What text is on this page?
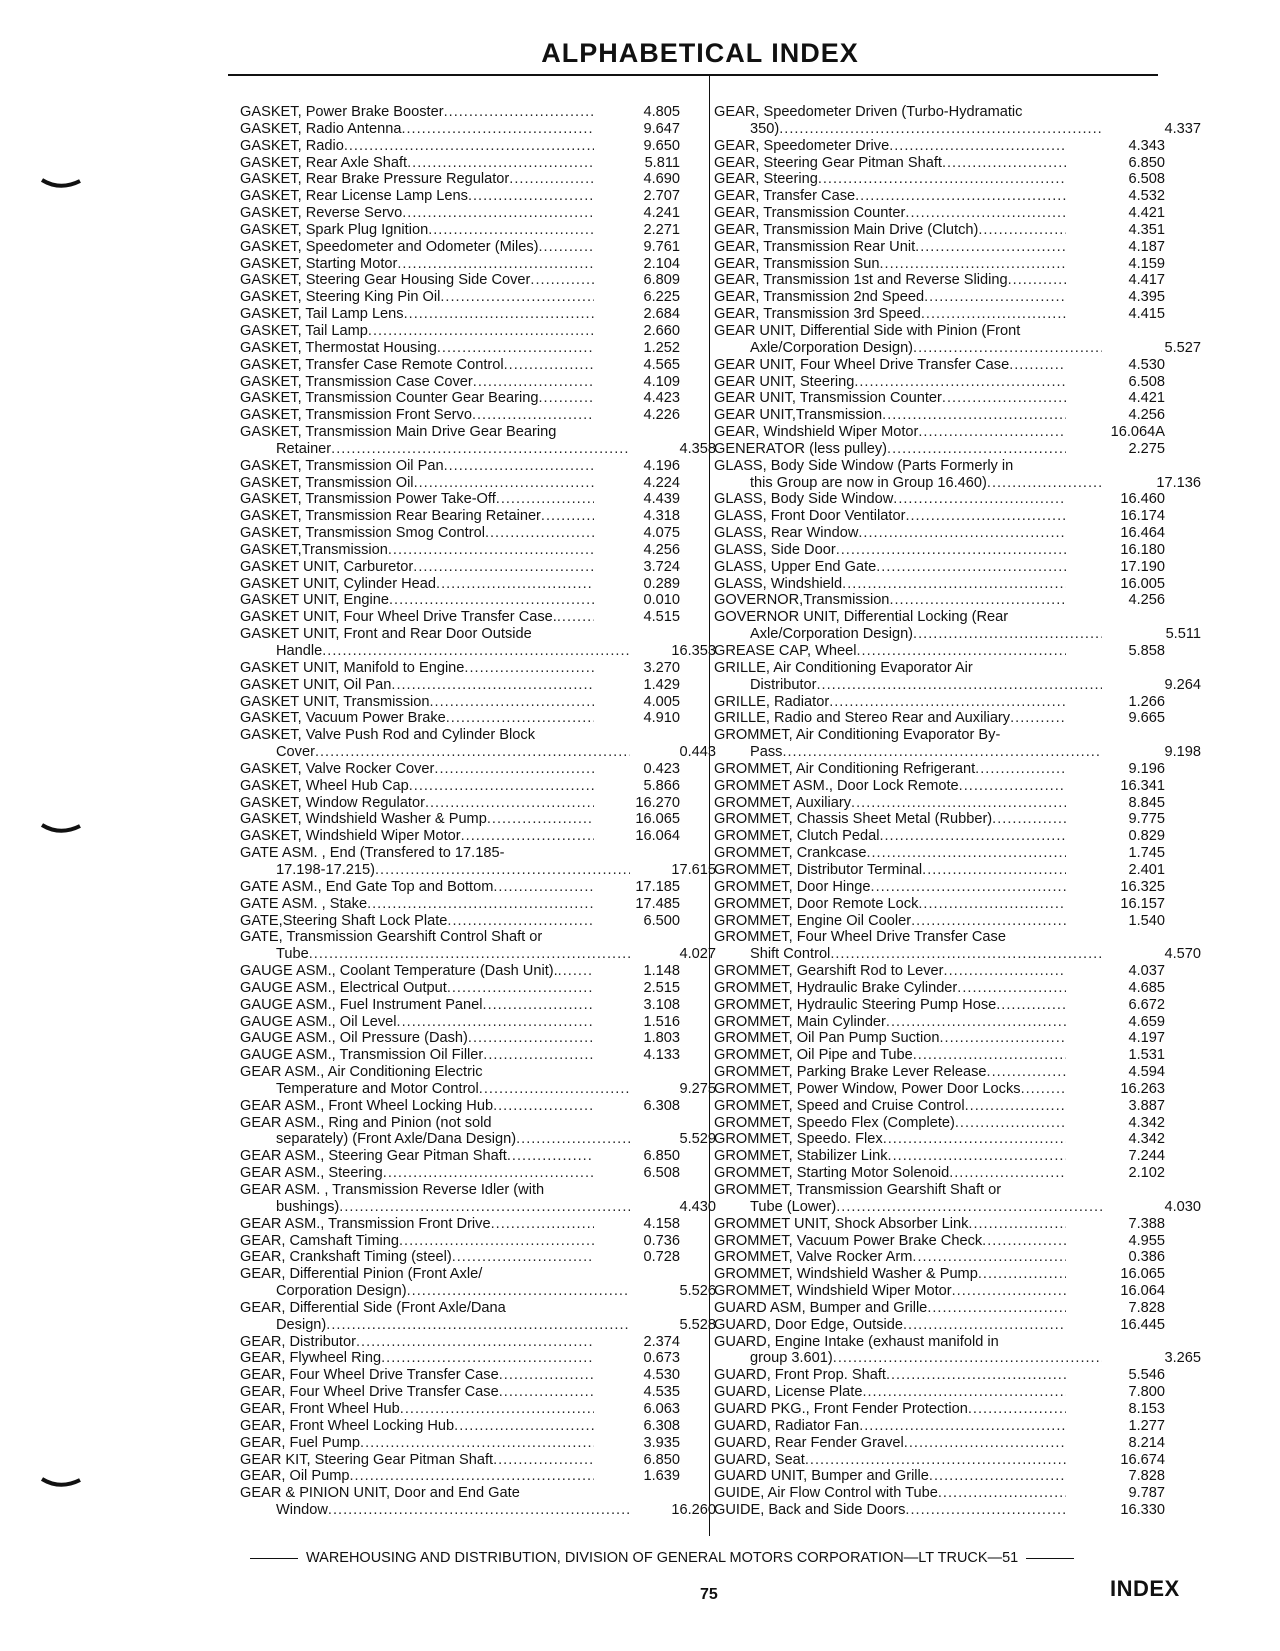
ALPHABETICAL INDEX
GASKET, Power Brake Booster .....	4.805
GASKET, Radio Antenna .....	9.647
GASKET, Radio .....	9.650
GASKET, Rear Axle Shaft .....	5.811
GASKET, Rear Brake Pressure Regulator .....	4.690
GASKET, Rear License Lamp Lens .....	2.707
GASKET, Reverse Servo .....	4.241
GASKET, Spark Plug Ignition .....	2.271
GASKET, Speedometer and Odometer (Miles) .....	9.761
GASKET, Starting Motor .....	2.104
GASKET, Steering Gear Housing Side Cover .....	6.809
GASKET, Steering King Pin Oil .....	6.225
GASKET, Tail Lamp Lens .....	2.684
GASKET, Tail Lamp .....	2.660
GASKET, Thermostat Housing .....	1.252
GASKET, Transfer Case Remote Control .....	4.565
GASKET, Transmission Case Cover .....	4.109
GASKET, Transmission Counter Gear Bearing .....	4.423
GASKET, Transmission Front Servo .....	4.226
GASKET, Transmission Main Drive Gear Bearing
Retainer .....	4.358
GASKET, Transmission Oil Pan .....	4.196
GASKET, Transmission Oil .....	4.224
GASKET, Transmission Power Take-Off .....	4.439
GASKET, Transmission Rear Bearing Retainer .....	4.318
GASKET, Transmission Smog Control .....	4.075
GASKET,Transmission .....	4.256
GASKET UNIT, Carburetor .....	3.724
GASKET UNIT, Cylinder Head .....	0.289
GASKET UNIT, Engine .....	0.010
GASKET UNIT, Four Wheel Drive Transfer Case. .....	4.515
GASKET UNIT, Front and Rear Door Outside
Handle .....	16.353
GASKET UNIT, Manifold to Engine .....	3.270
GASKET UNIT, Oil Pan .....	1.429
GASKET UNIT, Transmission .....	4.005
GASKET, Vacuum Power Brake .....	4.910
GASKET, Valve Push Rod and Cylinder Block
Cover .....	0.443
GASKET, Valve Rocker Cover .....	0.423
GASKET, Wheel Hub Cap .....	5.866
GASKET, Window Regulator .....	16.270
GASKET, Windshield Washer & Pump .....	16.065
GASKET, Windshield Wiper Motor .....	16.064
GATE ASM. , End (Transfered to 17.185-
17.198-17.215) .....	17.615
GATE ASM., End Gate Top and Bottom .....	17.185
GATE ASM. , Stake .....	17.485
GATE,Steering Shaft Lock Plate .....	6.500
GATE, Transmission Gearshift Control Shaft or
Tube .....	4.027
GAUGE ASM., Coolant Temperature (Dash Unit). .....	1.148
GAUGE ASM., Electrical Output .....	2.515
GAUGE ASM., Fuel Instrument Panel .....	3.108
GAUGE ASM., Oil Level .....	1.516
GAUGE ASM., Oil Pressure (Dash) .....	1.803
GAUGE ASM., Transmission Oil Filler .....	4.133
GEAR ASM., Air Conditioning Electric
Temperature and Motor Control .....	9.275
GEAR ASM., Front Wheel Locking Hub .....	6.308
GEAR ASM., Ring and Pinion (not sold
separately) (Front Axle/Dana Design) .....	5.529
GEAR ASM., Steering Gear Pitman Shaft .....	6.850
GEAR ASM., Steering .....	6.508
GEAR ASM. , Transmission Reverse Idler (with
bushings) .....	4.430
GEAR ASM., Transmission Front Drive .....	4.158
GEAR, Camshaft Timing .....	0.736
GEAR, Crankshaft Timing (steel) .....	0.728
GEAR, Differential Pinion (Front Axle/
Corporation Design) .....	5.526
GEAR, Differential Side (Front Axle/Dana
Design) .....	5.528
GEAR, Distributor .....	2.374
GEAR, Flywheel Ring .....	0.673
GEAR, Four Wheel Drive Transfer Case .....	4.530
GEAR, Four Wheel Drive Transfer Case .....	4.535
GEAR, Front Wheel Hub .....	6.063
GEAR, Front Wheel Locking Hub .....	6.308
GEAR, Fuel Pump .....	3.935
GEAR KIT, Steering Gear Pitman Shaft .....	6.850
GEAR, Oil Pump .....	1.639
GEAR & PINION UNIT, Door and End Gate
Window .....	16.260
GEAR, Speedometer Driven (Turbo-Hydramatic
350) .....	4.337
GEAR, Speedometer Drive .....	4.343
GEAR, Steering Gear Pitman Shaft .....	6.850
GEAR, Steering .....	6.508
GEAR, Transfer Case .....	4.532
GEAR, Transmission Counter .....	4.421
GEAR, Transmission Main Drive (Clutch) .....	4.351
GEAR, Transmission Rear Unit .....	4.187
GEAR, Transmission Sun .....	4.159
GEAR, Transmission 1st and Reverse Sliding .....	4.417
GEAR, Transmission 2nd Speed .....	4.395
GEAR, Transmission 3rd Speed .....	4.415
GEAR UNIT, Differential Side with Pinion (Front
Axle/Corporation Design) .....	5.527
GEAR UNIT, Four Wheel Drive Transfer Case .....	4.530
GEAR UNIT, Steering .....	6.508
GEAR UNIT, Transmission Counter .....	4.421
GEAR UNIT,Transmission .....	4.256
GEAR, Windshield Wiper Motor .....	16.064A
GENERATOR (less pulley) .....	2.275
GLASS, Body Side Window (Parts Formerly in
this Group are now in Group 16.460) .....	17.136
GLASS, Body Side Window .....	16.460
GLASS, Front Door Ventilator .....	16.174
GLASS, Rear Window .....	16.464
GLASS, Side Door .....	16.180
GLASS, Upper End Gate .....	17.190
GLASS, Windshield .....	16.005
GOVERNOR,Transmission .....	4.256
GOVERNOR UNIT, Differential Locking (Rear
Axle/Corporation Design) .....	5.511
GREASE CAP, Wheel .....	5.858
GRILLE, Air Conditioning Evaporator Air
Distributor .....	9.264
GRILLE, Radiator .....	1.266
GRILLE, Radio and Stereo Rear and Auxiliary .....	9.665
GROMMET, Air Conditioning Evaporator By-
Pass .....	9.198
GROMMET, Air Conditioning Refrigerant .....	9.196
GROMMET ASM., Door Lock Remote .....	16.341
GROMMET, Auxiliary .....	8.845
GROMMET, Chassis Sheet Metal (Rubber) .....	9.775
GROMMET, Clutch Pedal .....	0.829
GROMMET, Crankcase .....	1.745
GROMMET, Distributor Terminal .....	2.401
GROMMET, Door Hinge .....	16.325
GROMMET, Door Remote Lock .....	16.157
GROMMET, Engine Oil Cooler .....	1.540
GROMMET, Four Wheel Drive Transfer Case
Shift Control .....	4.570
GROMMET, Gearshift Rod to Lever .....	4.037
GROMMET, Hydraulic Brake Cylinder .....	4.685
GROMMET, Hydraulic Steering Pump Hose .....	6.672
GROMMET, Main Cylinder .....	4.659
GROMMET, Oil Pan Pump Suction .....	4.197
GROMMET, Oil Pipe and Tube .....	1.531
GROMMET, Parking Brake Lever Release .....	4.594
GROMMET, Power Window, Power Door Locks .....	16.263
GROMMET, Speed and Cruise Control .....	3.887
GROMMET, Speedo Flex (Complete) .....	4.342
GROMMET, Speedo. Flex .....	4.342
GROMMET, Stabilizer Link .....	7.244
GROMMET, Starting Motor Solenoid .....	2.102
GROMMET, Transmission Gearshift Shaft or
Tube (Lower) .....	4.030
GROMMET UNIT, Shock Absorber Link .....	7.388
GROMMET, Vacuum Power Brake Check .....	4.955
GROMMET, Valve Rocker Arm .....	0.386
GROMMET, Windshield Washer & Pump .....	16.065
GROMMET, Windshield Wiper Motor .....	16.064
GUARD ASM, Bumper and Grille .....	7.828
GUARD, Door Edge, Outside .....	16.445
GUARD, Engine Intake (exhaust manifold in
group 3.601) .....	3.265
GUARD, Front Prop. Shaft .....	5.546
GUARD, License Plate .....	7.800
GUARD PKG., Front Fender Protection .....	8.153
GUARD, Radiator Fan .....	1.277
GUARD, Rear Fender Gravel .....	8.214
GUARD, Seat .....	16.674
GUARD UNIT, Bumper and Grille .....	7.828
GUIDE, Air Flow Control with Tube .....	9.787
GUIDE, Back and Side Doors .....	16.330
WAREHOUSING AND DISTRIBUTION, DIVISION OF GENERAL MOTORS CORPORATION—LT TRUCK—51
75	INDEX
